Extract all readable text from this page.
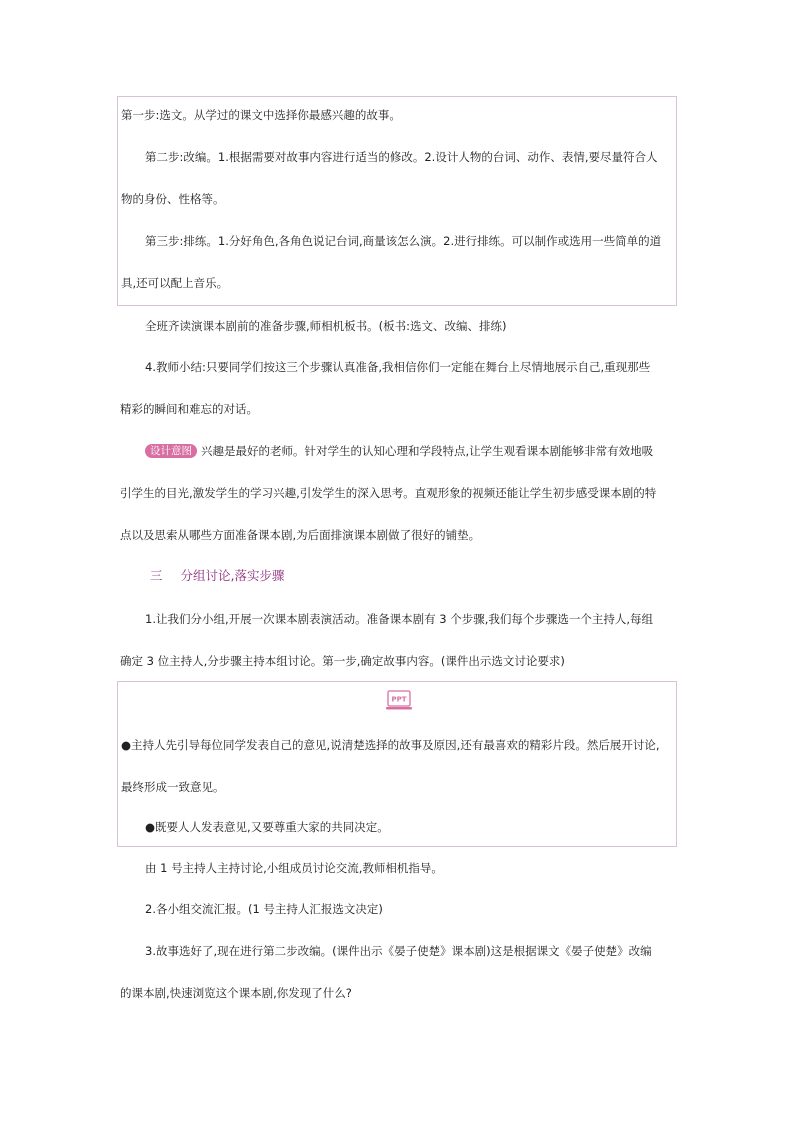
第一步:选文。从学过的课文中选择你最感兴趣的故事。
第二步:改编。1.根据需要对故事内容进行适当的修改。2.设计人物的台词、动作、表情,要尽量符合人
物的身份、性格等。
第三步:排练。1.分好角色,各角色说记台词,商量该怎么演。2.进行排练。可以制作或选用一些简单的道
具,还可以配上音乐。
全班齐读演课本剧前的准备步骤,师相机板书。(板书:选文、改编、排练)
4.教师小结:只要同学们按这三个步骤认真准备,我相信你们一定能在舞台上尽情地展示自己,重现那些
精彩的瞬间和难忘的对话。
设计意图 兴趣是最好的老师。针对学生的认知心理和学段特点,让学生观看课本剧能够非常有效地吸
引学生的目光,激发学生的学习兴趣,引发学生的深入思考。直观形象的视频还能让学生初步感受课本剧的特
点以及思索从哪些方面准备课本剧,为后面排演课本剧做了很好的铺垫。
三 分组讨论,落实步骤
1.让我们分小组,开展一次课本剧表演活动。准备课本剧有 3 个步骤,我们每个步骤选一个主持人,每组
确定 3 位主持人,分步骤主持本组讨论。第一步,确定故事内容。(课件出示选文讨论要求)
PPT
●主持人先引导每位同学发表自己的意见,说清楚选择的故事及原因,还有最喜欢的精彩片段。然后展开讨论,
最终形成一致意见。
●既要人人发表意见,又要尊重大家的共同决定。
由 1 号主持人主持讨论,小组成员讨论交流,教师相机指导。
2.各小组交流汇报。(1 号主持人汇报选文决定)
3.故事选好了,现在进行第二步改编。(课件出示《晏子使楚》课本剧)这是根据课文《晏子使楚》改编
的课本剧,快速浏览这个课本剧,你发现了什么?
